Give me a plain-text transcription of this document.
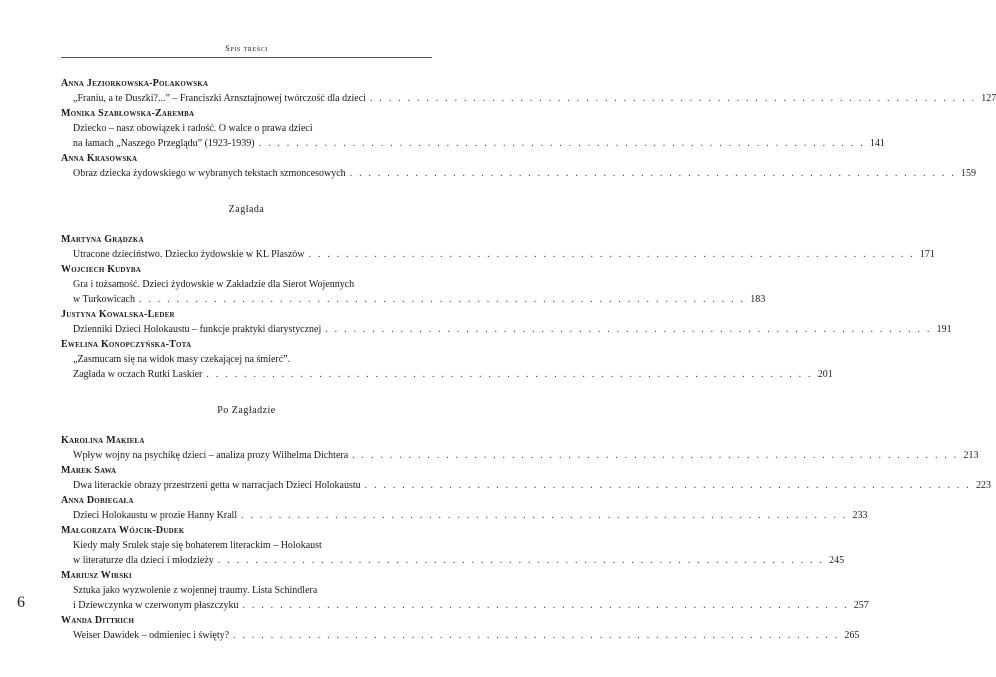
Spis treści
Anna Jeziorkowska-Polakowska
„Franiu, a te Duszki?...” – Franciszki Arnsztajnowej twórczość dla dzieci . . .	127
Monika Szabłowska-Zaremba
Dziecko – nasz obowiązek i radość. O walce o prawa dzieci
na łamach „Naszego Przeglądu” (1923-1939) . . .	141
Anna Krasowska
Obraz dziecka żydowskiego w wybranych tekstach szmoncesowych . . .	159
Zagłada
Martyna Grądzka
Utracone dzieciństwo. Dziecko żydowskie w KL Płaszów . . .	171
Wojciech Kudyba
Gra i tożsamość. Dzieci żydowskie w Zakładzie dla Sierot Wojennych
w Turkowicach . . .	183
Justyna Kowalska-Leder
Dzienniki Dzieci Holokaustu – funkcje praktyki diarystycznej . . .	191
Ewelina Konopczyńska-Tota
„Zasmucam się na widok masy czekającej na śmierć”.
Zagłada w oczach Rutki Laskier . . .	201
Po Zagładzie
Karolina Makieła
Wpływ wojny na psychikę dzieci – analiza prozy Wilhelma Dichtera . . .	213
Marek Sawa
Dwa literackie obrazy przestrzeni getta w narracjach Dzieci Holokaustu . . .	223
Anna Dobiegała
Dzieci Holokaustu w prozie Hanny Krall . . .	233
Małgorzata Wójcik-Dudek
Kiedy mały Srulek staje się bohaterem literackim – Holokaust
w literaturze dla dzieci i młodzieży . . .	245
Mariusz Wirski
Sztuka jako wyzwolenie z wojennej traumy. Lista Schindlera
i Dziewczynka w czerwonym płaszczyku . . .	257
Wanda Dittrich
Weiser Dawidek – odmieniec i święty? . . .	265
6
